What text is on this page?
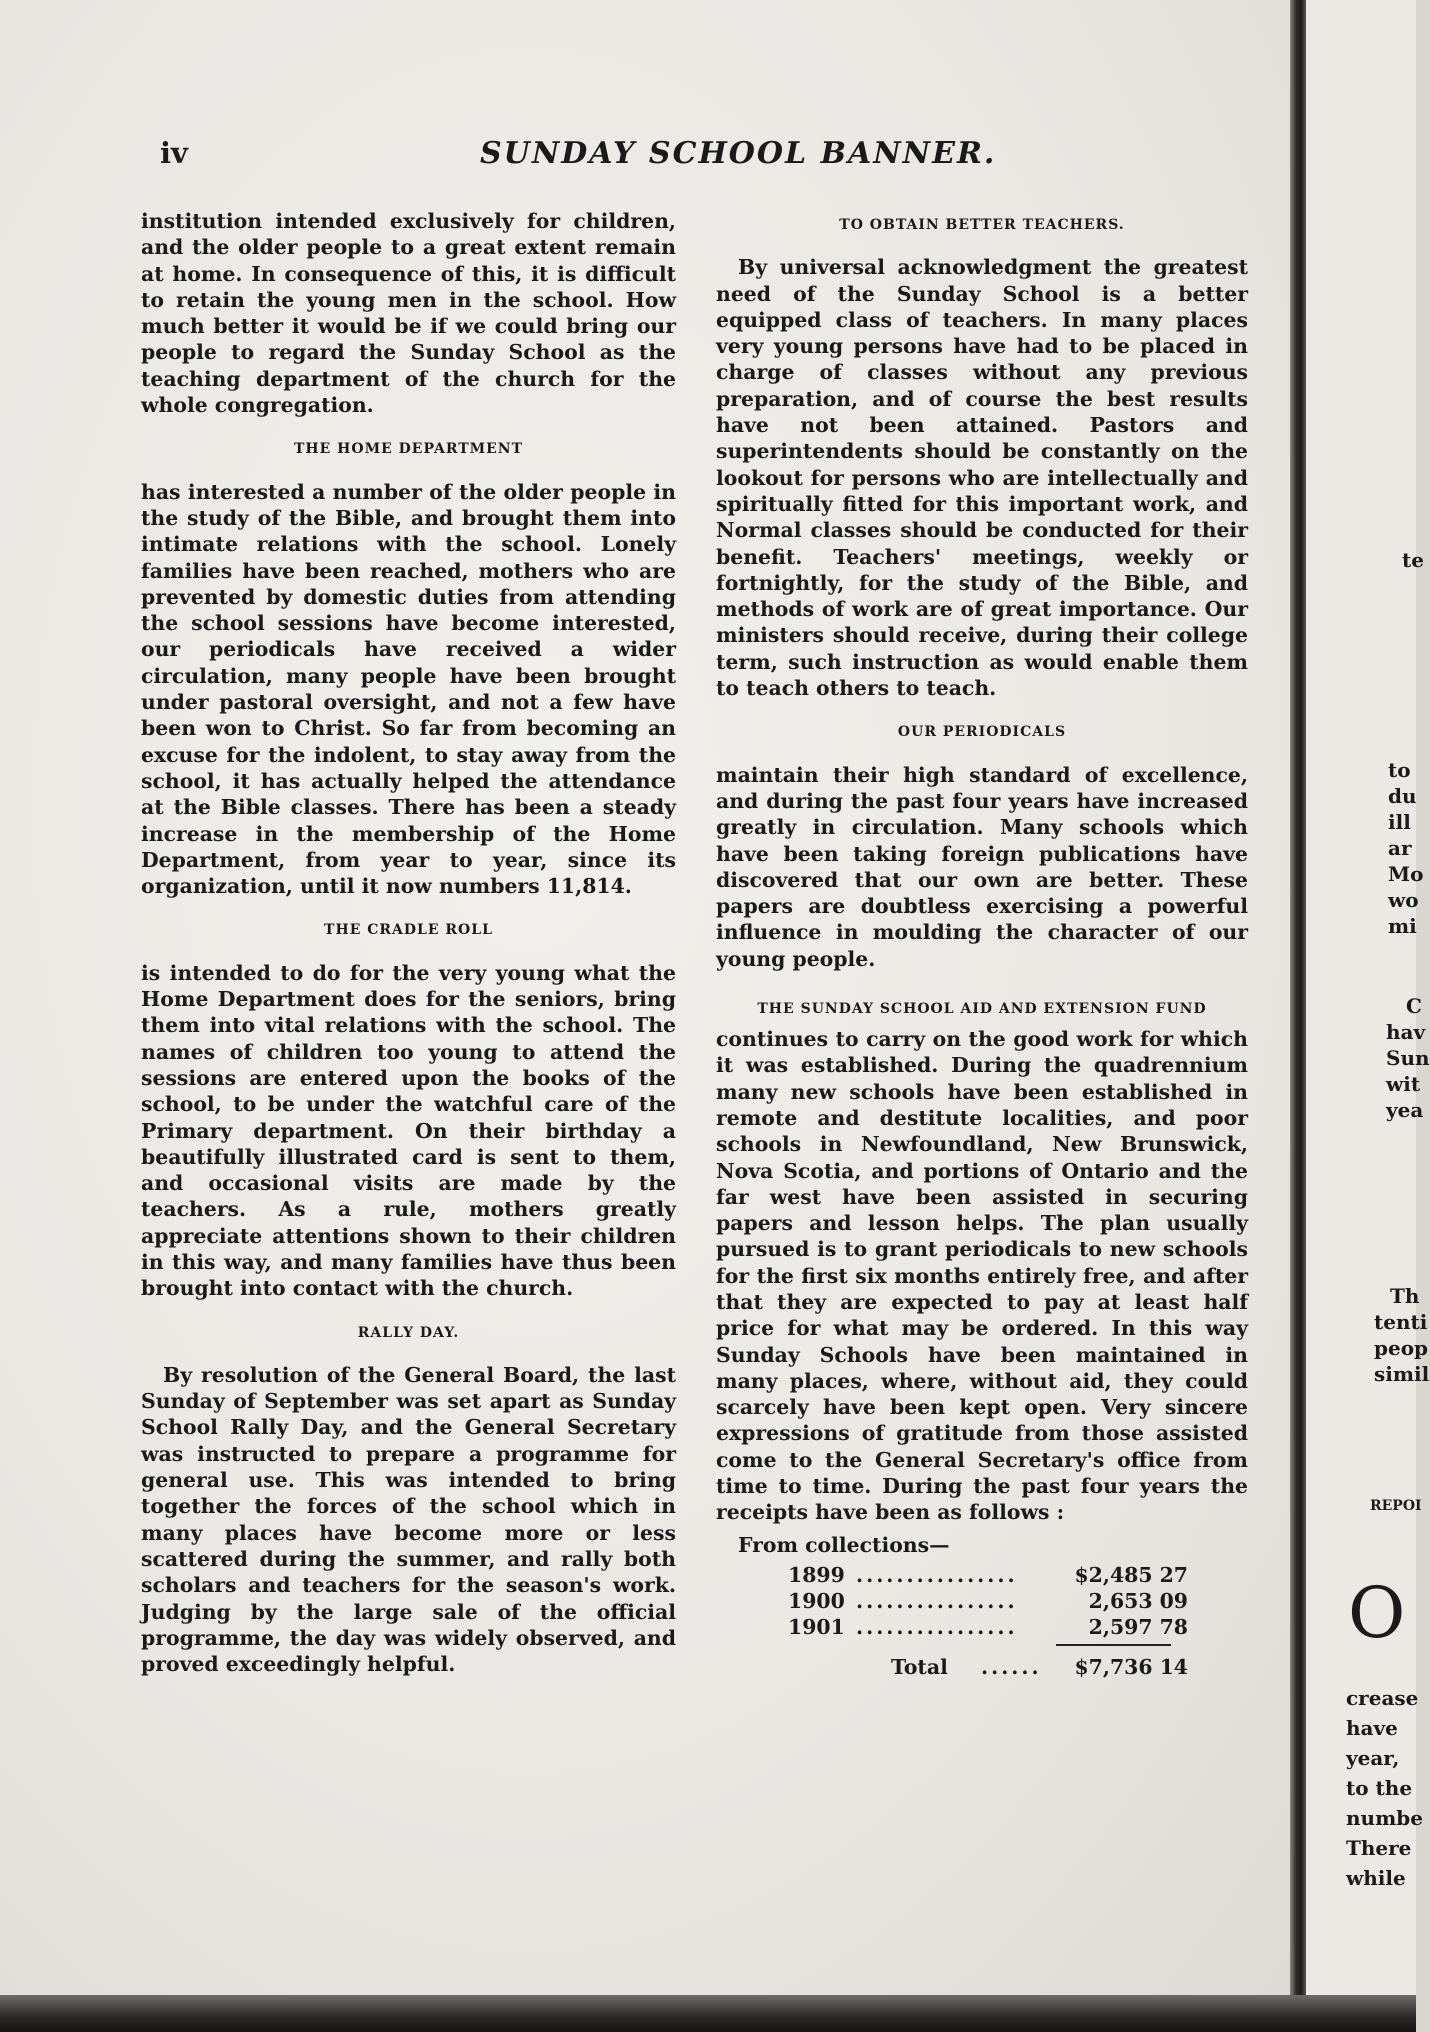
iv	SUNDAY SCHOOL BANNER.

institution intended exclusively for children, and the older people to a great extent remain at home. In consequence of this, it is difficult to retain the young men in the school. How much better it would be if we could bring our people to regard the Sunday School as the teaching department of the church for the whole congregation.

THE HOME DEPARTMENT

has interested a number of the older people in the study of the Bible, and brought them into intimate relations with the school. Lonely families have been reached, mothers who are prevented by domestic duties from attending the school sessions have become interested, our periodicals have received a wider circulation, many people have been brought under pastoral oversight, and not a few have been won to Christ. So far from becoming an excuse for the indolent, to stay away from the school, it has actually helped the attendance at the Bible classes. There has been a steady increase in the membership of the Home Department, from year to year, since its organization, until it now numbers 11,814.

THE CRADLE ROLL

is intended to do for the very young what the Home Department does for the seniors, bring them into vital relations with the school. The names of children too young to attend the sessions are entered upon the books of the school, to be under the watchful care of the Primary department. On their birthday a beautifully illustrated card is sent to them, and occasional visits are made by the teachers. As a rule, mothers greatly appreciate attentions shown to their children in this way, and many families have thus been brought into contact with the church.

RALLY DAY.

By resolution of the General Board, the last Sunday of September was set apart as Sunday School Rally Day, and the General Secretary was instructed to prepare a programme for general use. This was intended to bring together the forces of the school which in many places have become more or less scattered during the summer, and rally both scholars and teachers for the season's work. Judging by the large sale of the official programme, the day was widely observed, and proved exceedingly helpful.

TO OBTAIN BETTER TEACHERS.

By universal acknowledgment the greatest need of the Sunday School is a better equipped class of teachers. In many places very young persons have had to be placed in charge of classes without any previous preparation, and of course the best results have not been attained. Pastors and superintendents should be constantly on the lookout for persons who are intellectually and spiritually fitted for this important work, and Normal classes should be conducted for their benefit. Teachers' meetings, weekly or fortnightly, for the study of the Bible, and methods of work are of great importance. Our ministers should receive, during their college term, such instruction as would enable them to teach others to teach.

OUR PERIODICALS

maintain their high standard of excellence, and during the past four years have increased greatly in circulation. Many schools which have been taking foreign publications have discovered that our own are better. These papers are doubtless exercising a powerful influence in moulding the character of our young people.

THE SUNDAY SCHOOL AID AND EXTENSION FUND

continues to carry on the good work for which it was established. During the quadrennium many new schools have been established in remote and destitute localities, and poor schools in Newfoundland, New Brunswick, Nova Scotia, and portions of Ontario and the far west have been assisted in securing papers and lesson helps. The plan usually pursued is to grant periodicals to new schools for the first six months entirely free, and after that they are expected to pay at least half price for what may be ordered. In this way Sunday Schools have been maintained in many places, where, without aid, they could scarcely have been kept open. Very sincere expressions of gratitude from those assisted come to the General Secretary's office from time to time. During the past four years the receipts have been as follows :

From collections—

1899 ................	$2,485 27
1900 ................	2,653 09
1901 ................	2,597 78
Total ...... $7,736 14
te
to
du
ill
ar
Mo
wo
mi
C
hav
Sun
wit
yea
Th
tenti
peop
simil
REPOI
O
crease
have
year,
to the
numbe
There
while
